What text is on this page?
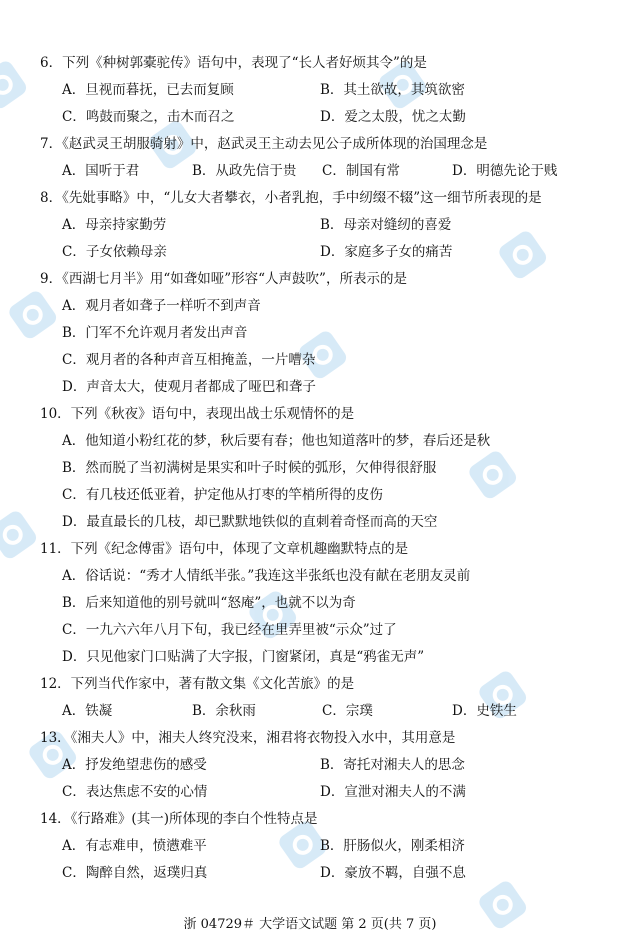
6．下列《种树郭橐驼传》语句中，表现了“长人者好烦其令”的是
A．旦视而暮抚，已去而复顾	B．其土欲故，其筑欲密
C．鸣鼓而聚之，击木而召之	D．爱之太殷，忧之太勤
7．《赵武灵王胡服骑射》中，赵武灵王主动去见公子成所体现的治国理念是
A．国听于君	B．从政先信于贵 C．制国有常	D．明德先论于贱
8．《先妣事略》中，“儿女大者攀衣，小者乳抱，手中纫缀不辍”这一细节所表现的是
A．母亲持家勤劳	B．母亲对缝纫的喜爱
C．子女依赖母亲	D．家庭多子女的痛苦
9．《西湖七月半》用“如聋如哑”形容“人声鼓吹”，所表示的是
A．观月者如聋子一样听不到声音
B．门军不允许观月者发出声音
C．观月者的各种声音互相掩盖，一片嘈杂
D．声音太大，使观月者都成了哑巴和聋子
10．下列《秋夜》语句中，表现出战士乐观情怀的是
A．他知道小粉红花的梦，秋后要有春；他也知道落叶的梦，春后还是秋
B．然而脱了当初满树是果实和叶子时候的弧形，欠伸得很舒服
C．有几枝还低亚着，护定他从打枣的竿梢所得的皮伤
D．最直最长的几枝，却已默默地铁似的直刺着奇怪而高的天空
11．下列《纪念傅雷》语句中，体现了文章机趣幽默特点的是
A．俗话说：“秀才人情纸半张。”我连这半张纸也没有献在老朋友灵前
B．后来知道他的别号就叫“怒庵”，也就不以为奇
C．一九六六年八月下旬，我已经在里弄里被“示众”过了
D．只见他家门口贴满了大字报，门窗紧闭，真是“鸦雀无声”
12．下列当代作家中，著有散文集《文化苦旅》的是
A．铁凝	B．余秋雨	C．宗璞	D．史铁生
13．《湘夫人》中，湘夫人终究没来，湘君将衣物投入水中，其用意是
A．抒发绝望悲伤的感受	B．寄托对湘夫人的思念
C．表达焦虑不安的心情	D．宣泄对湘夫人的不满
14．《行路难》(其一)所体现的李白个性特点是
A．有志难申，愤懑难平	B．肝肠似火，刚柔相济
C．陶醉自然，返璞归真	D．豪放不羁，自强不息
浙 04729＃ 大学语文试题 第 2 页(共 7 页)
